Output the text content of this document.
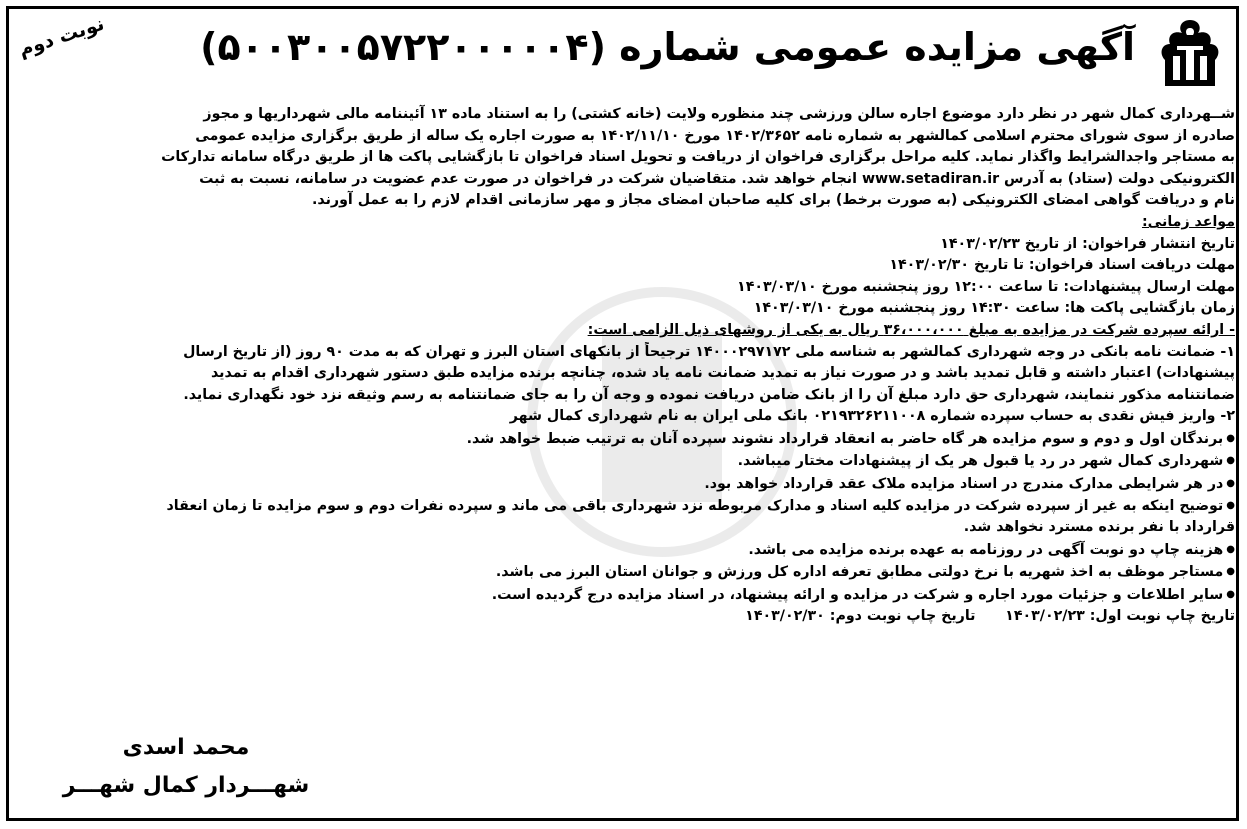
آگهی مزایده عمومی شماره (۵۰۰۳۰۰۵۷۲۲۰۰۰۰۰۴)
نوبت دوم
شــهرداری کمال شهر در نظر دارد موضوع اجاره سالن ورزشی چند منظوره ولایت (خانه کشتی) را به استناد ماده ۱۳ آئیننامه مالی شهرداریها و مجوز
صادره از سوی شورای محترم اسلامی کمالشهر به شماره نامه ۱۴۰۲/۳۶۵۲ مورخ ۱۴۰۲/۱۱/۱۰ به صورت اجاره یک ساله از طریق برگزاری مزایده عمومی
به مستاجر واجدالشرایط واگذار نماید. کلیه مراحل برگزاری فراخوان از دریافت و تحویل اسناد فراخوان تا بازگشایی پاکت ها از طریق درگاه سامانه تدارکات
الکترونیکی دولت (ستاد) به آدرس www.setadiran.ir انجام خواهد شد. متقاضیان شرکت در فراخوان در صورت عدم عضویت در سامانه، نسبت به ثبت
نام و دریافت گواهی امضای الکترونیکی (به صورت برخط) برای کلیه صاحبان امضای مجاز و مهر سازمانی اقدام لازم را به عمل آورند.
مواعد زمانی:
تاریخ انتشار فراخوان: از تاریخ ۱۴۰۳/۰۲/۲۳
مهلت دریافت اسناد فراخوان: تا تاریخ ۱۴۰۳/۰۲/۳۰
مهلت ارسال پیشنهادات: تا ساعت ۱۲:۰۰ روز پنجشنبه مورخ ۱۴۰۳/۰۳/۱۰
زمان بازگشایی پاکت ها: ساعت ۱۴:۳۰ روز پنجشنبه مورخ ۱۴۰۳/۰۳/۱۰
- ارائه سپرده شرکت در مزایده به مبلغ ۳۶،۰۰۰،۰۰۰ ریال به یکی از روشهای ذیل الزامی است:
۱- ضمانت نامه بانکی در وجه شهرداری کمالشهر به شناسه ملی ۱۴۰۰۰۲۹۷۱۷۲ ترجیحاً از بانکهای استان البرز و تهران که به مدت ۹۰ روز (از تاریخ ارسال
پیشنهادات) اعتبار داشته و قابل تمدید باشد و در صورت نیاز به تمدید ضمانت نامه یاد شده، چنانچه برنده مزایده طبق دستور شهرداری اقدام به تمدید
ضمانتنامه مذکور ننمایند، شهرداری حق دارد مبلغ آن را از بانک ضامن دریافت نموده و وجه آن را به جای ضمانتنامه به رسم وثیقه نزد خود نگهداری نماید.
۲- واریز فیش نقدی به حساب سپرده شماره ۰۲۱۹۳۲۶۲۱۱۰۰۸ بانک ملی ایران به نام شهرداری کمال شهر
● برندگان اول و دوم و سوم مزایده هر گاه حاضر به انعقاد قرارداد نشوند سپرده آنان به ترتیب ضبط خواهد شد.
● شهرداری کمال شهر در رد یا قبول هر یک از پیشنهادات مختار میباشد.
● در هر شرایطی مدارک مندرج در اسناد مزایده ملاک عقد قرارداد خواهد بود.
● توضیح اینکه به غیر از سپرده شرکت در مزایده کلیه اسناد و مدارک مربوطه نزد شهرداری باقی می ماند و سپرده نفرات دوم و سوم مزایده تا زمان انعقاد
قرارداد با نفر برنده مسترد نخواهد شد.
● هزینه چاپ دو نوبت آگهی در روزنامه به عهده برنده مزایده می باشد.
● مستاجر موظف به اخذ شهریه با نرخ دولتی مطابق تعرفه اداره کل ورزش و جوانان استان البرز می باشد.
● سایر اطلاعات و جزئیات مورد اجاره و شرکت در مزایده و ارائه پیشنهاد، در اسناد مزایده درج گردیده است.
تاریخ چاپ نوبت اول: ۱۴۰۳/۰۲/۲۳      تاریخ چاپ نوبت دوم: ۱۴۰۳/۰۲/۳۰
محمد اسدی
شهـــردار کمال شهـــر
